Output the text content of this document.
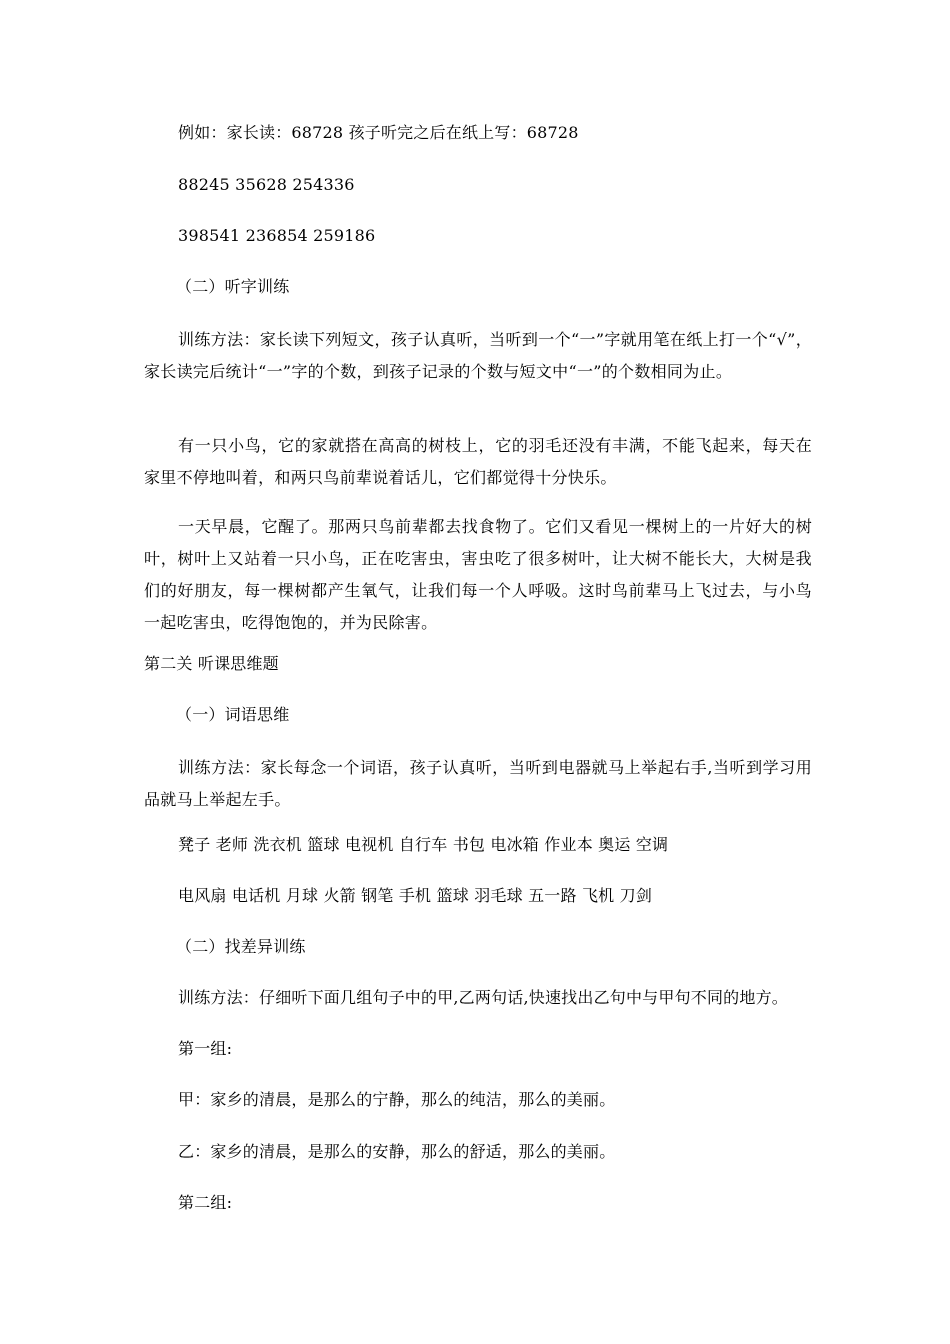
例如：家长读：68728 孩子听完之后在纸上写：68728
88245 35628 254336
398541 236854 259186
（二）听字训练
训练方法：家长读下列短文，孩子认真听，当听到一个“一”字就用笔在纸上打一个“√”，家长读完后统计“一”字的个数，到孩子记录的个数与短文中“一”的个数相同为止。
有一只小鸟，它的家就搭在高高的树枝上，它的羽毛还没有丰满，不能飞起来，每天在家里不停地叫着，和两只鸟前辈说着话儿，它们都觉得十分快乐。
一天早晨，它醒了。那两只鸟前辈都去找食物了。它们又看见一棵树上的一片好大的树叶，树叶上又站着一只小鸟，正在吃害虫，害虫吃了很多树叶，让大树不能长大，大树是我们的好朋友，每一棵树都产生氧气，让我们每一个人呼吸。这时鸟前辈马上飞过去，与小鸟一起吃害虫，吃得饱饱的，并为民除害。
第二关 听课思维题
（一）词语思维
训练方法：家长每念一个词语，孩子认真听，当听到电器就马上举起右手,当听到学习用品就马上举起左手。
凳子 老师 洗衣机 篮球 电视机 自行车 书包 电冰箱 作业本 奥运 空调
电风扇 电话机 月球 火箭 钢笔 手机 篮球 羽毛球 五一路 飞机 刀剑
（二）找差异训练
训练方法：仔细听下面几组句子中的甲,乙两句话,快速找出乙句中与甲句不同的地方。
第一组:
甲：家乡的清晨，是那么的宁静，那么的纯洁，那么的美丽。
乙：家乡的清晨，是那么的安静，那么的舒适，那么的美丽。
第二组:
